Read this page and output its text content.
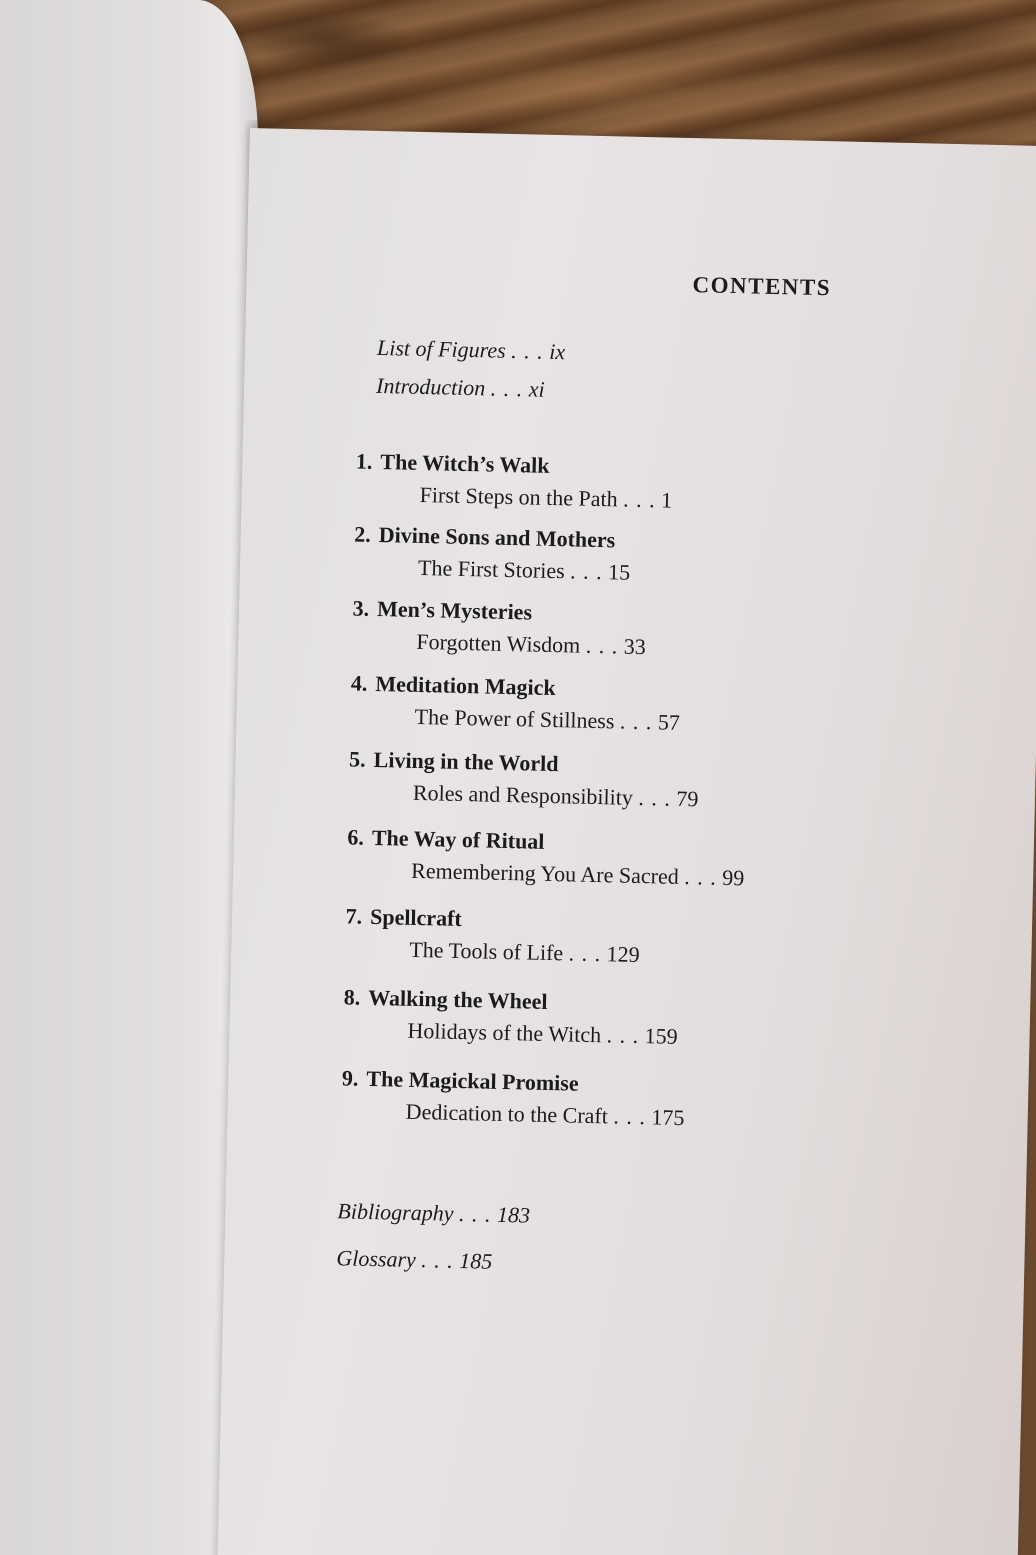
CONTENTS
List of Figures . . . ix
Introduction . . . xi
1. The Witch’s Walk
First Steps on the Path . . . 1
2. Divine Sons and Mothers
The First Stories . . . 15
3. Men’s Mysteries
Forgotten Wisdom . . . 33
4. Meditation Magick
The Power of Stillness . . . 57
5. Living in the World
Roles and Responsibility . . . 79
6. The Way of Ritual
Remembering You Are Sacred . . . 99
7. Spellcraft
The Tools of Life . . . 129
8. Walking the Wheel
Holidays of the Witch . . . 159
9. The Magickal Promise
Dedication to the Craft . . . 175
Bibliography . . . 183
Glossary . . . 185
